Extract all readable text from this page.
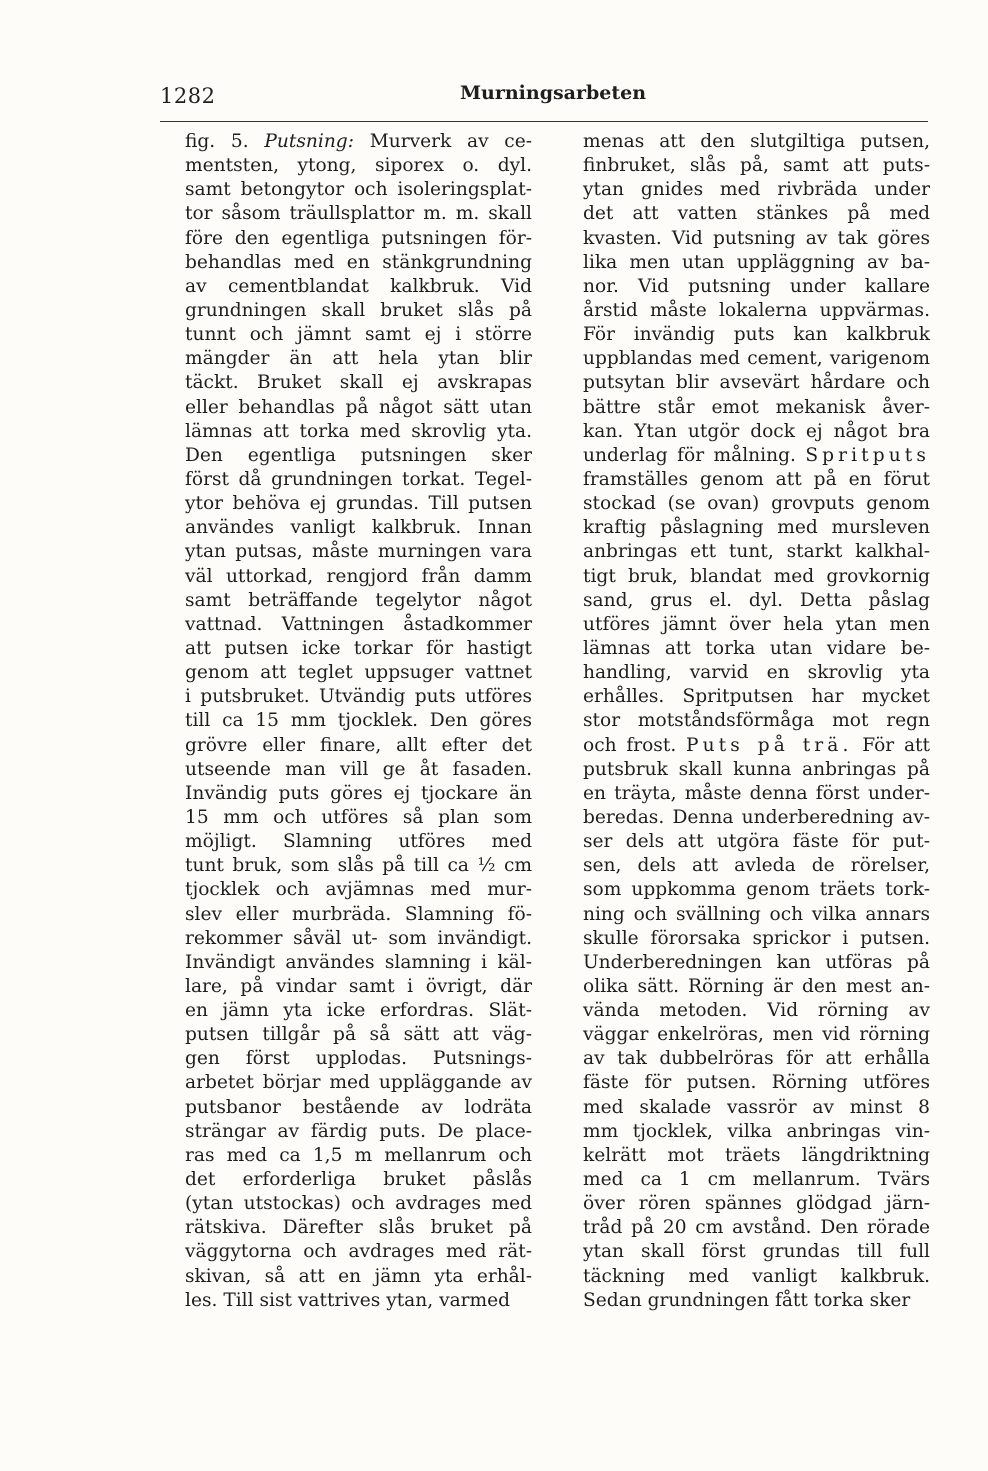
1282	Murningsarbeten
fig. 5. Putsning: Murverk av ce-
mentsten, ytong, siporex o. dyl.
samt betongytor och isoleringsplat-
tor såsom träullsplattor m. m. skall
före den egentliga putsningen för-
behandlas med en stänkgrundning
av cementblandat kalkbruk. Vid
grundningen skall bruket slås på
tunnt och jämnt samt ej i större
mängder än att hela ytan blir
täckt. Bruket skall ej avskrapas
eller behandlas på något sätt utan
lämnas att torka med skrovlig yta.
Den egentliga putsningen sker
först då grundningen torkat. Tegel-
ytor behöva ej grundas. Till putsen
användes vanligt kalkbruk. Innan
ytan putsas, måste murningen vara
väl uttorkad, rengjord från damm
samt beträffande tegelytor något
vattnad. Vattningen åstadkommer
att putsen icke torkar för hastigt
genom att teglet uppsuger vattnet
i putsbruket. Utvändig puts utföres
till ca 15 mm tjocklek. Den göres
grövre eller finare, allt efter det
utseende man vill ge åt fasaden.
Invändig puts göres ej tjockare än
15 mm och utföres så plan som
möjligt. Slamning utföres med
tunt bruk, som slås på till ca ½ cm
tjocklek och avjämnas med mur-
slev eller murbräda. Slamning fö-
rekommer såväl ut- som invändigt.
Invändigt användes slamning i käl-
lare, på vindar samt i övrigt, där
en jämn yta icke erfordras. Slät-
putsen tillgår på så sätt att väg-
gen först upplodas. Putsnings-
arbetet börjar med uppläggande av
putsbanor bestående av lodräta
strängar av färdig puts. De place-
ras med ca 1,5 m mellanrum och
det erforderliga bruket påslås
(ytan utstockas) och avdrages med
rätskiva. Därefter slås bruket på
väggytorna och avdrages med rät-
skivan, så att en jämn yta erhål-
les. Till sist vattrives ytan, varmed
menas att den slutgiltiga putsen,
finbruket, slås på, samt att puts-
ytan gnides med rivbräda under
det att vatten stänkes på med
kvasten. Vid putsning av tak göres
lika men utan uppläggning av ba-
nor. Vid putsning under kallare
årstid måste lokalerna uppvärmas.
För invändig puts kan kalkbruk
uppblandas med cement, varigenom
putsytan blir avsevärt hårdare och
bättre står emot mekanisk åver-
kan. Ytan utgör dock ej något bra
underlag för målning. Spritputs
framställes genom att på en förut
stockad (se ovan) grovputs genom
kraftig påslagning med mursleven
anbringas ett tunt, starkt kalkhal-
tigt bruk, blandat med grovkornig
sand, grus el. dyl. Detta påslag
utföres jämnt över hela ytan men
lämnas att torka utan vidare be-
handling, varvid en skrovlig yta
erhålles. Spritputsen har mycket
stor motståndsförmåga mot regn
och frost. Puts på trä. För att
putsbruk skall kunna anbringas på
en träyta, måste denna först under-
beredas. Denna underberedning av-
ser dels att utgöra fäste för put-
sen, dels att avleda de rörelser,
som uppkomma genom träets tork-
ning och svällning och vilka annars
skulle förorsaka sprickor i putsen.
Underberedningen kan utföras på
olika sätt. Rörning är den mest an-
vända metoden. Vid rörning av
väggar enkelröras, men vid rörning
av tak dubbelröras för att erhålla
fäste för putsen. Rörning utföres
med skalade vassrör av minst 8
mm tjocklek, vilka anbringas vin-
kelrätt mot träets längdriktning
med ca 1 cm mellanrum. Tvärs
över rören spännes glödgad järn-
tråd på 20 cm avstånd. Den rörade
ytan skall först grundas till full
täckning med vanligt kalkbruk.
Sedan grundningen fått torka sker
